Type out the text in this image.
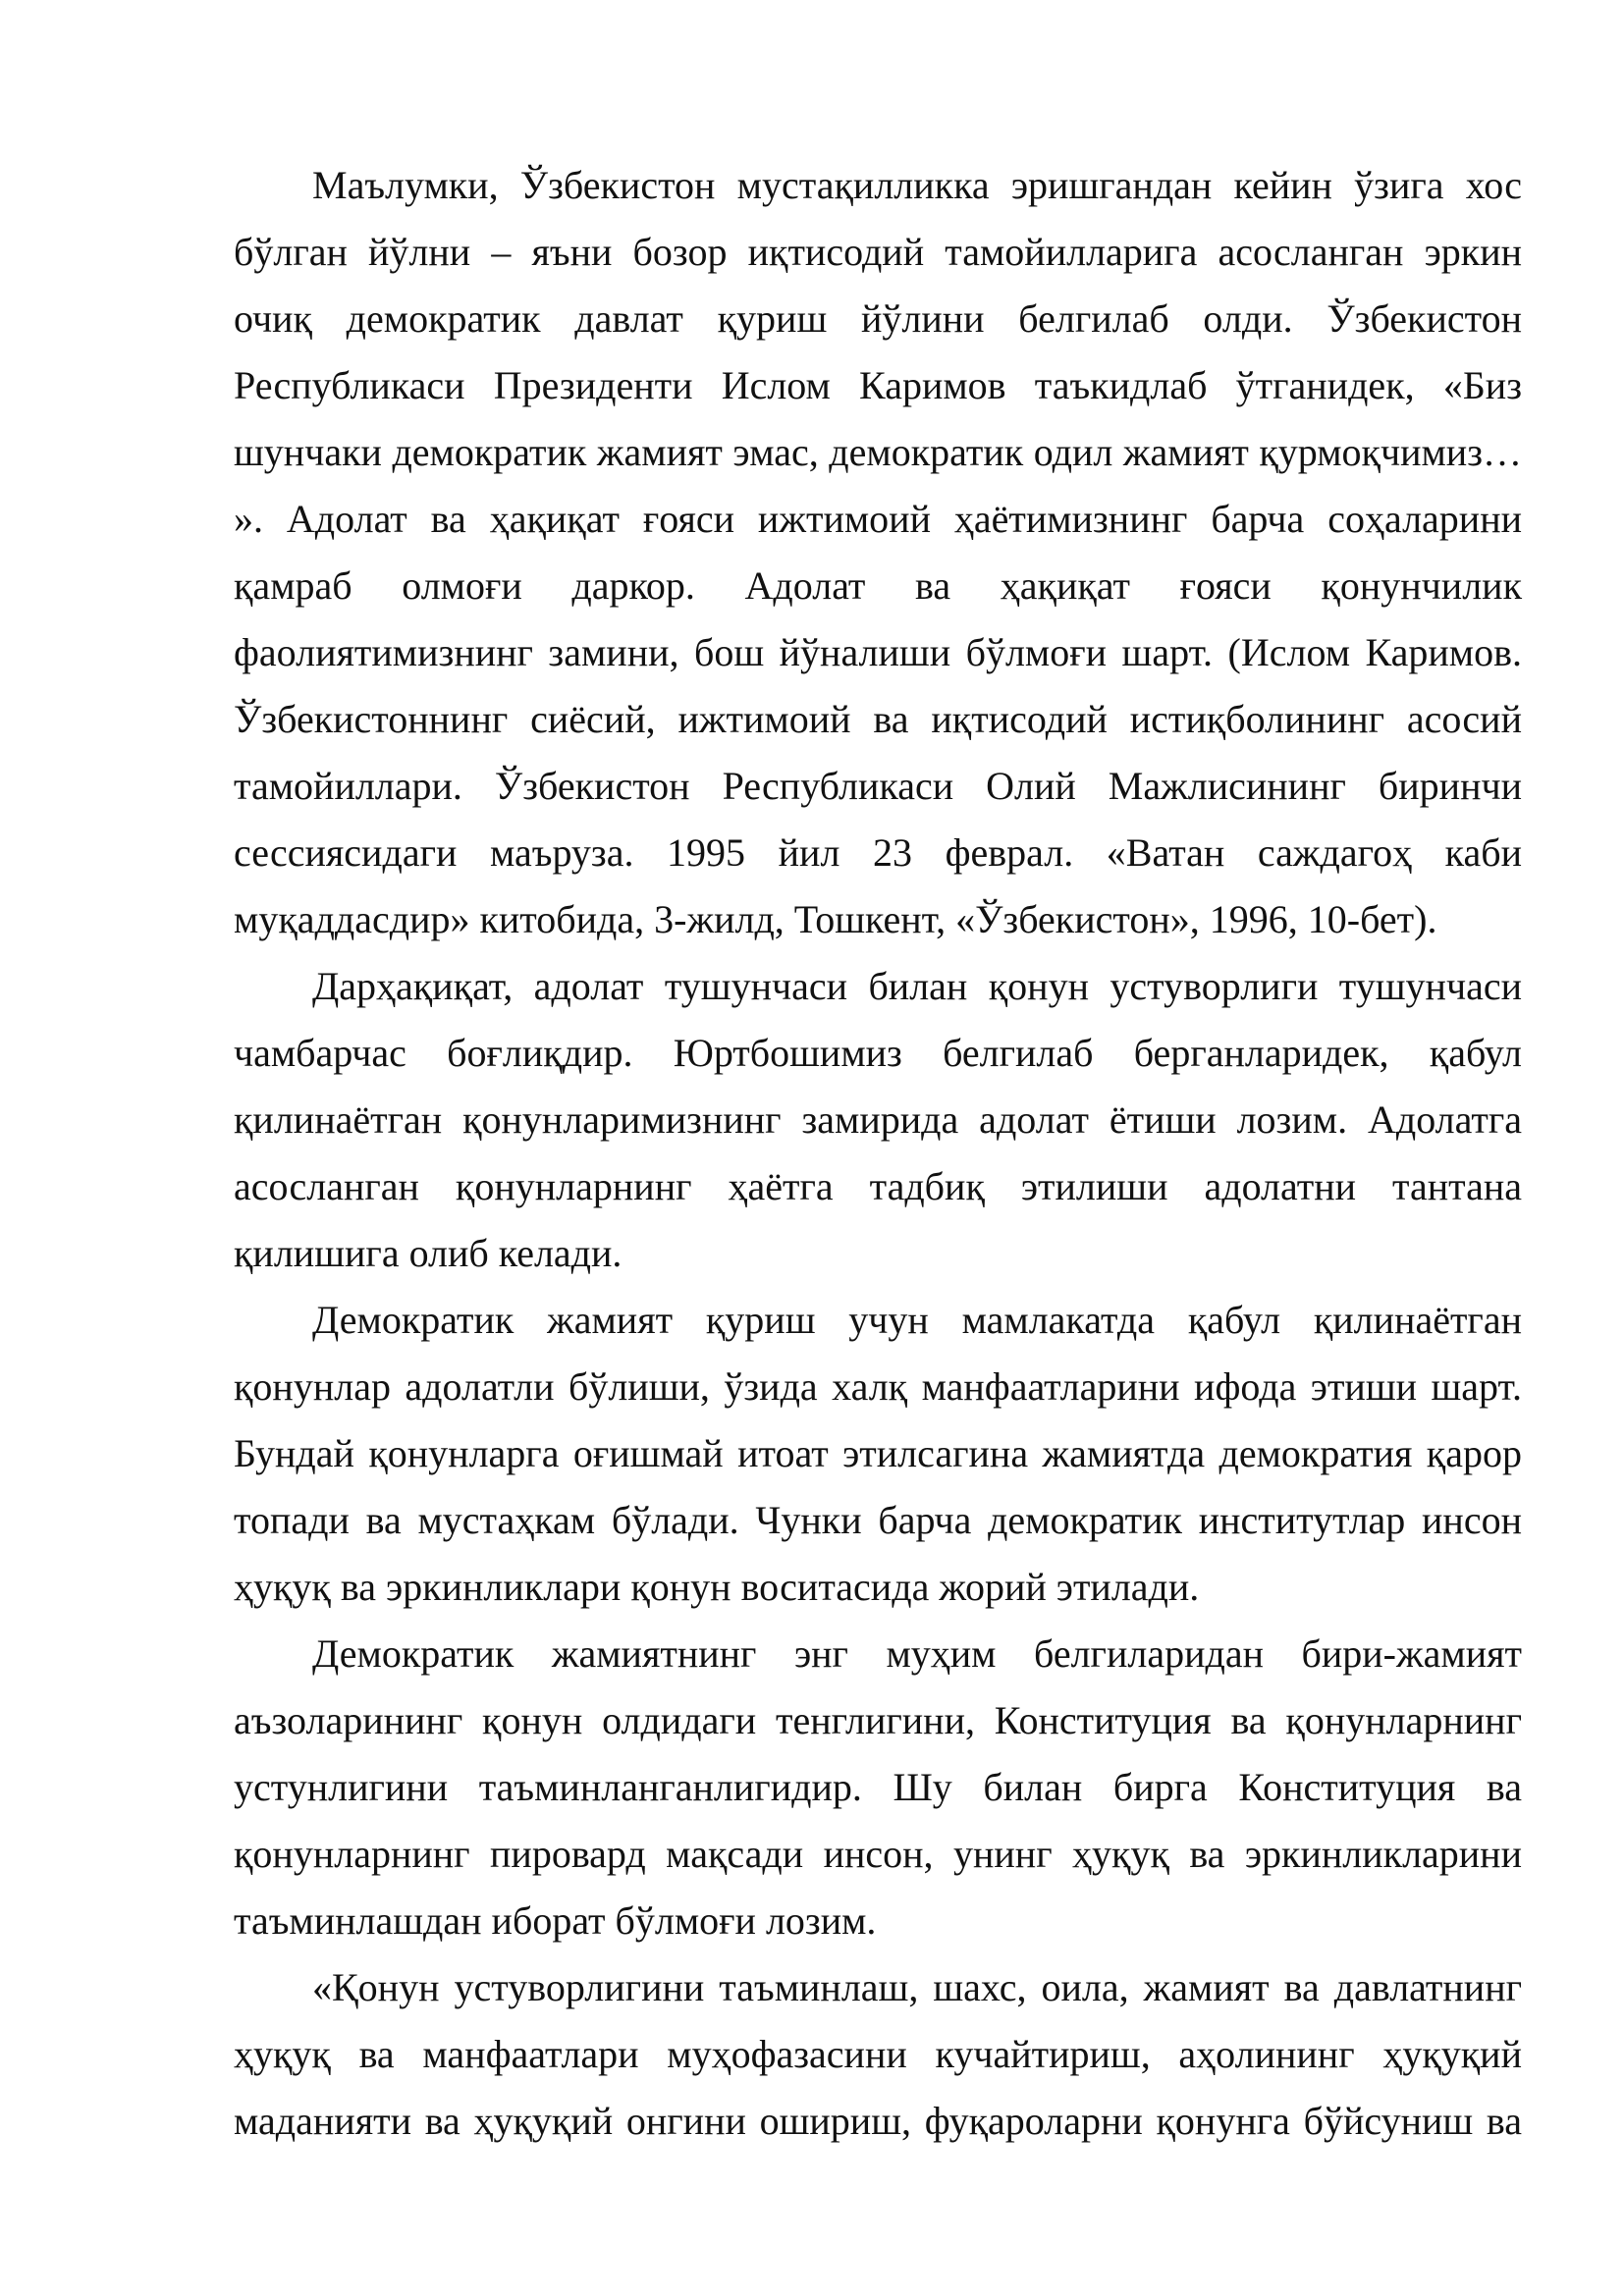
Маълумки, Ўзбекистон мустақилликка эришгандан кейин ўзига хос бўлган йўлни – яъни бозор иқтисодий тамойилларига асосланган эркин очиқ демократик давлат қуриш йўлини белгилаб олди. Ўзбекистон Республикаси Президенти Ислом Каримов таъкидлаб ўтганидек, «Биз шунчаки демократик жамият эмас, демократик одил жамият қурмоқчимиз… ». Адолат ва ҳақиқат ғояси ижтимоий ҳаётимизнинг барча соҳаларини қамраб олмоғи даркор. Адолат ва ҳақиқат ғояси қонунчилик фаолиятимизнинг замини, бош йўналиши бўлмоғи шарт. (Ислом Каримов. Ўзбекистоннинг сиёсий, ижтимоий ва иқтисодий истиқболининг асосий тамойиллари. Ўзбекистон Республикаси Олий Мажлисининг биринчи сессиясидаги маъруза. 1995 йил 23 феврал. «Ватан саждагоҳ каби муқаддасдир» китобида, 3-жилд, Тошкент, «Ўзбекистон», 1996, 10-бет).

Дарҳақиқат, адолат тушунчаси билан қонун устуворлиги тушунчаси чамбарчас боғлиқдир. Юртбошимиз белгилаб берганларидек, қабул қилинаётган қонунларимизнинг замирида адолат ётиши лозим. Адолатга асосланган қонунларнинг ҳаётга тадбиқ этилиши адолатни тантана қилишига олиб келади.

Демократик жамият қуриш учун мамлакатда қабул қилинаётган қонунлар адолатли бўлиши, ўзида халқ манфаатларини ифода этиши шарт. Бундай қонунларга оғишмай итоат этилсагина жамиятда демократия қарор топади ва мустаҳкам бўлади. Чунки барча демократик институтлар инсон ҳуқуқ ва эркинликлари қонун воситасида жорий этилади.

Демократик жамиятнинг энг муҳим белгиларидан бири-жамият аъзоларининг қонун олдидаги тенглигини, Конституция ва қонунларнинг устунлигини таъминланганлигидир. Шу билан бирга Конституция ва қонунларнинг пировард мақсади инсон, унинг ҳуқуқ ва эркинликларини таъминлашдан иборат бўлмоғи лозим.

«Қонун устуворлигини таъминлаш, шахс, оила, жамият ва давлатнинг ҳуқуқ ва манфаатлари муҳофазасини кучайтириш, аҳолининг ҳуқуқий маданияти ва ҳуқуқий онгини ошириш, фуқароларни қонунга бўйсуниш ва
